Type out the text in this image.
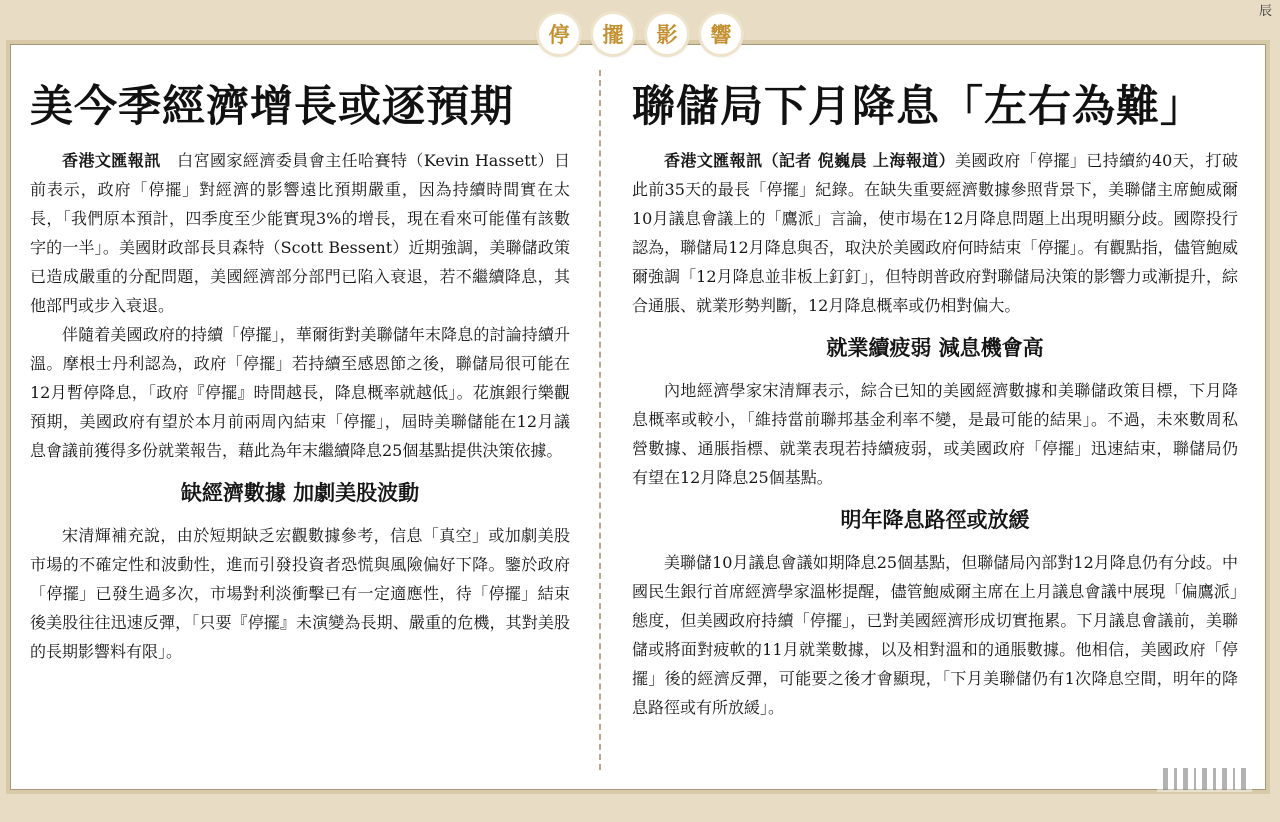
辰
停	擺	影	響
美今季經濟增長或逐預期

香港文匯報訊　 白宮國家經濟委員會主任哈賽特（Kevin Hassett）日前表示，政府「停擺」對經濟的影響遠比預期嚴重，因為持續時間實在太長，「我們原本預計，四季度至少能實現3%的增長，現在看來可能僅有該數字的一半」。美國財政部長貝森特（Scott Bessent）近期強調，美聯儲政策已造成嚴重的分配問題，美國經濟部分部門已陷入衰退，若不繼續降息，其他部門或步入衰退。

伴隨着美國政府的持續「停擺」，華爾街對美聯儲年末降息的討論持續升溫。摩根士丹利認為，政府「停擺」若持續至感恩節之後，聯儲局很可能在12月暫停降息，「政府『停擺』時間越長，降息概率就越低」。花旗銀行樂觀預期，美國政府有望於本月前兩周內結束「停擺」，屆時美聯儲能在12月議息會議前獲得多份就業報告，藉此為年末繼續降息25個基點提供決策依據。

缺經濟數據 加劇美股波動

宋清輝補充說，由於短期缺乏宏觀數據參考，信息「真空」或加劇美股市場的不確定性和波動性，進而引發投資者恐慌與風險偏好下降。鑒於政府「停擺」已發生過多次，市場對利淡衝擊已有一定適應性，待「停擺」結束後美股往往迅速反彈，「只要『停擺』未演變為長期、嚴重的危機，其對美股的長期影響料有限」。

聯儲局下月降息「左右為難」

香港文匯報訊（記者 倪巍晨 上海報道）美國政府「停擺」已持續約40天，打破此前35天的最長「停擺」紀錄。在缺失重要經濟數據參照背景下，美聯儲主席鮑威爾10月議息會議上的「鷹派」言論，使市場在12月降息問題上出現明顯分歧。國際投行認為，聯儲局12月降息與否，取決於美國政府何時結束「停擺」。有觀點指，儘管鮑威爾強調「12月降息並非板上釘釘」，但特朗普政府對聯儲局決策的影響力或漸提升，綜合通脹、就業形勢判斷，12月降息概率或仍相對偏大。

就業續疲弱 減息機會高

內地經濟學家宋清輝表示，綜合已知的美國經濟數據和美聯儲政策目標，下月降息概率或較小，「維持當前聯邦基金利率不變，是最可能的結果」。不過，未來數周私營數據、通脹指標、就業表現若持續疲弱，或美國政府「停擺」迅速結束，聯儲局仍有望在12月降息25個基點。

明年降息路徑或放緩

美聯儲10月議息會議如期降息25個基點，但聯儲局內部對12月降息仍有分歧。中國民生銀行首席經濟學家溫彬提醒，儘管鮑威爾主席在上月議息會議中展現「偏鷹派」態度，但美國政府持續「停擺」，已對美國經濟形成切實拖累。下月議息會議前，美聯儲或將面對疲軟的11月就業數據，以及相對溫和的通脹數據。他相信，美國政府「停擺」後的經濟反彈，可能要之後才會顯現，「下月美聯儲仍有1次降息空間，明年的降息路徑或有所放緩」。
